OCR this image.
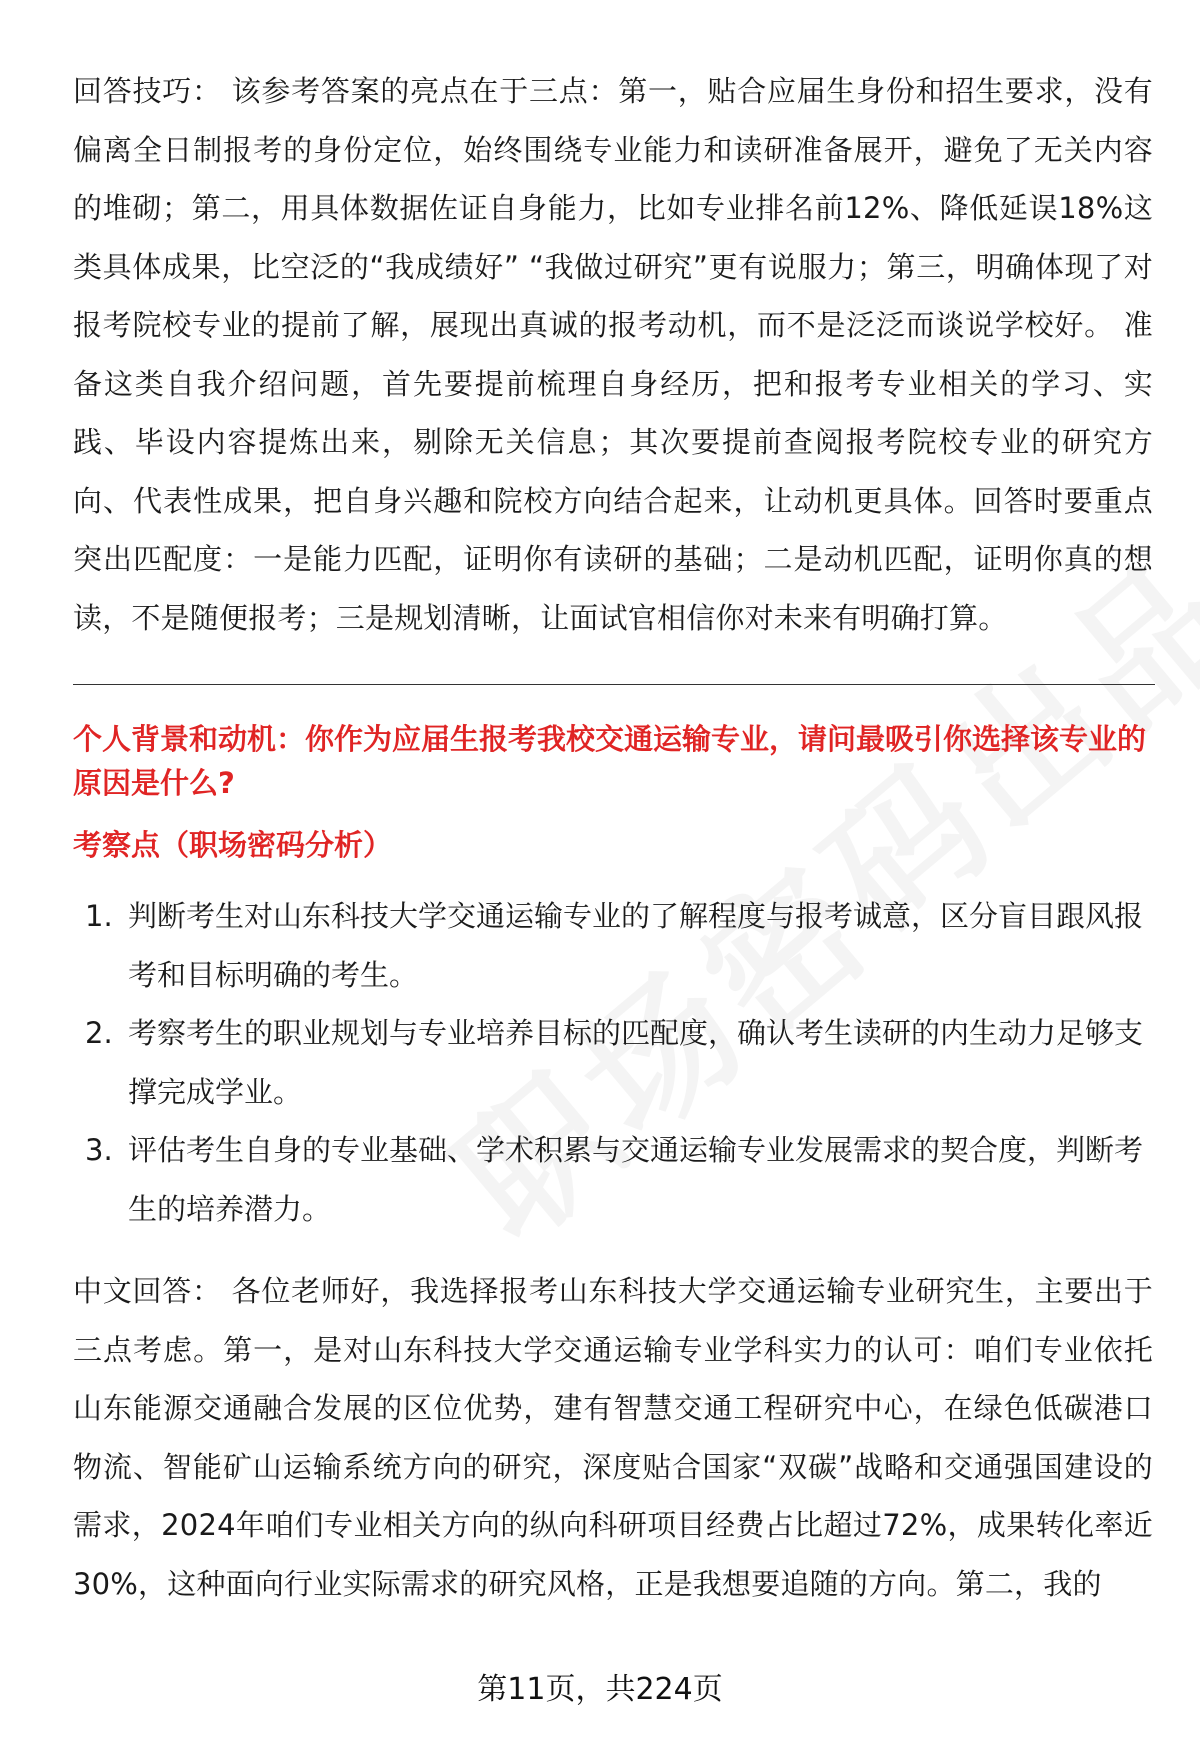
回答技巧： 该参考答案的亮点在于三点：第一，贴合应届生身份和招生要求，没有偏离全日制报考的身份定位，始终围绕专业能力和读研准备展开，避免了无关内容的堆砌；第二，用具体数据佐证自身能力，比如专业排名前12%、降低延误18%这类具体成果，比空泛的“我成绩好” “我做过研究”更有说服力；第三，明确体现了对报考院校专业的提前了解，展现出真诚的报考动机，而不是泛泛而谈说学校好。 准备这类自我介绍问题，首先要提前梳理自身经历，把和报考专业相关的学习、实践、毕设内容提炼出来，剔除无关信息；其次要提前查阅报考院校专业的研究方向、代表性成果，把自身兴趣和院校方向结合起来，让动机更具体。回答时要重点突出匹配度：一是能力匹配，证明你有读研的基础；二是动机匹配，证明你真的想读，不是随便报考；三是规划清晰，让面试官相信你对未来有明确打算。

个人背景和动机：你作为应届生报考我校交通运输专业，请问最吸引你选择该专业的原因是什么?

考察点（职场密码分析）

1. 判断考生对山东科技大学交通运输专业的了解程度与报考诚意，区分盲目跟风报考和目标明确的考生。
2. 考察考生的职业规划与专业培养目标的匹配度，确认考生读研的内生动力足够支撑完成学业。
3. 评估考生自身的专业基础、学术积累与交通运输专业发展需求的契合度，判断考生的培养潜力。

中文回答： 各位老师好，我选择报考山东科技大学交通运输专业研究生，主要出于三点考虑。第一，是对山东科技大学交通运输专业学科实力的认可：咱们专业依托山东能源交通融合发展的区位优势，建有智慧交通工程研究中心，在绿色低碳港口物流、智能矿山运输系统方向的研究，深度贴合国家“双碳”战略和交通强国建设的需求，2024年咱们专业相关方向的纵向科研项目经费占比超过72%，成果转化率近30%，这种面向行业实际需求的研究风格，正是我想要追随的方向。第二，我的

第11页，共224页
